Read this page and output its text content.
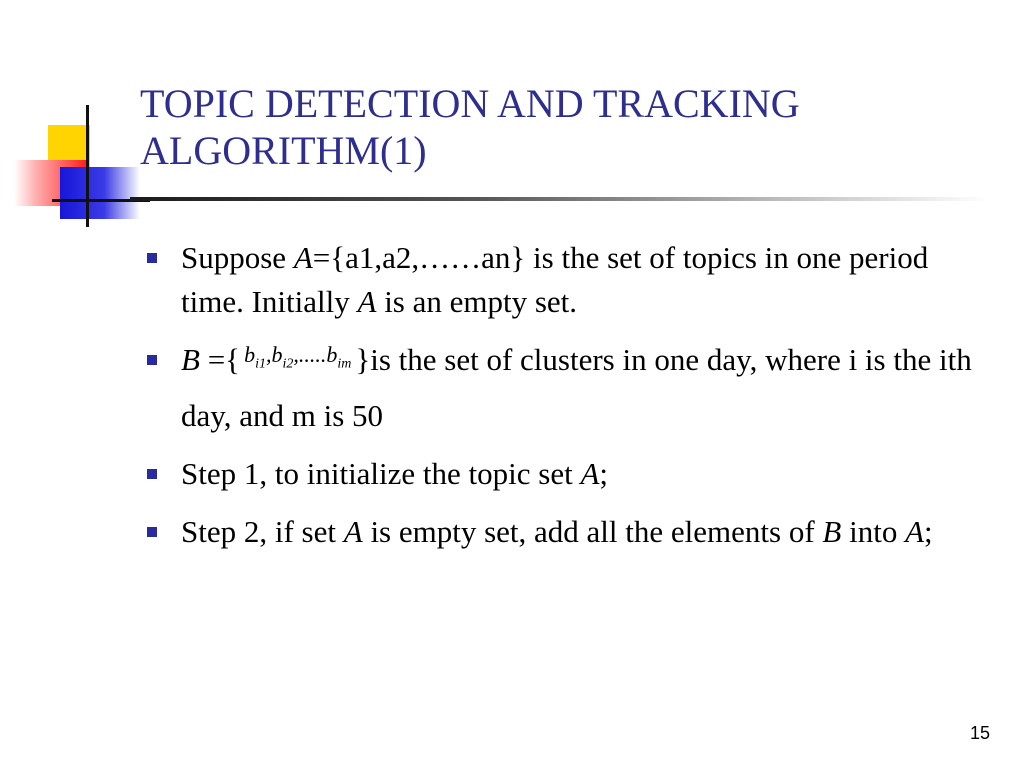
TOPIC DETECTION AND TRACKING
ALGORITHM(1)
Suppose A={a1,a2,……an} is the set of topics in one period time. Initially A is an empty set.
B ={ $b_{i1},b_{i2},.....b_{im}$ }is the set of clusters in one day, where i is the ith day, and m is 50
Step 1, to initialize the topic set A;
Step 2, if set A is empty set, add all the elements of B into A;
15
